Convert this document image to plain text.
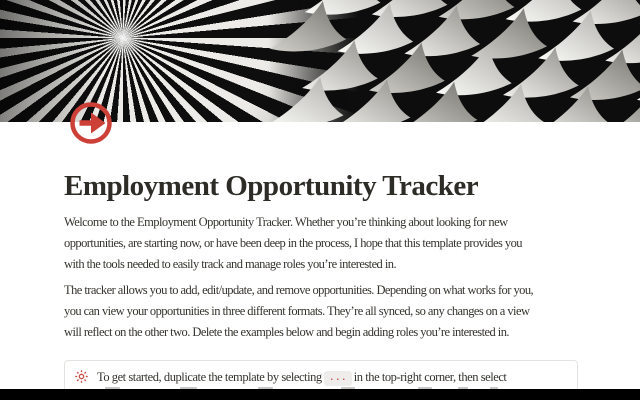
Employment Opportunity Tracker

Welcome to the Employment Opportunity Tracker. Whether you’re thinking about looking for new
opportunities, are starting now, or have been deep in the process, I hope that this template provides you
with the tools needed to easily track and manage roles you’re interested in.

The tracker allows you to add, edit/update, and remove opportunities. Depending on what works for you,
you can view your opportunities in three different formats. They’re all synced, so any changes on a view
will reflect on the other two. Delete the examples below and begin adding roles you’re interested in.

To get started, duplicate the template by selecting ... in the top-right corner, then select
